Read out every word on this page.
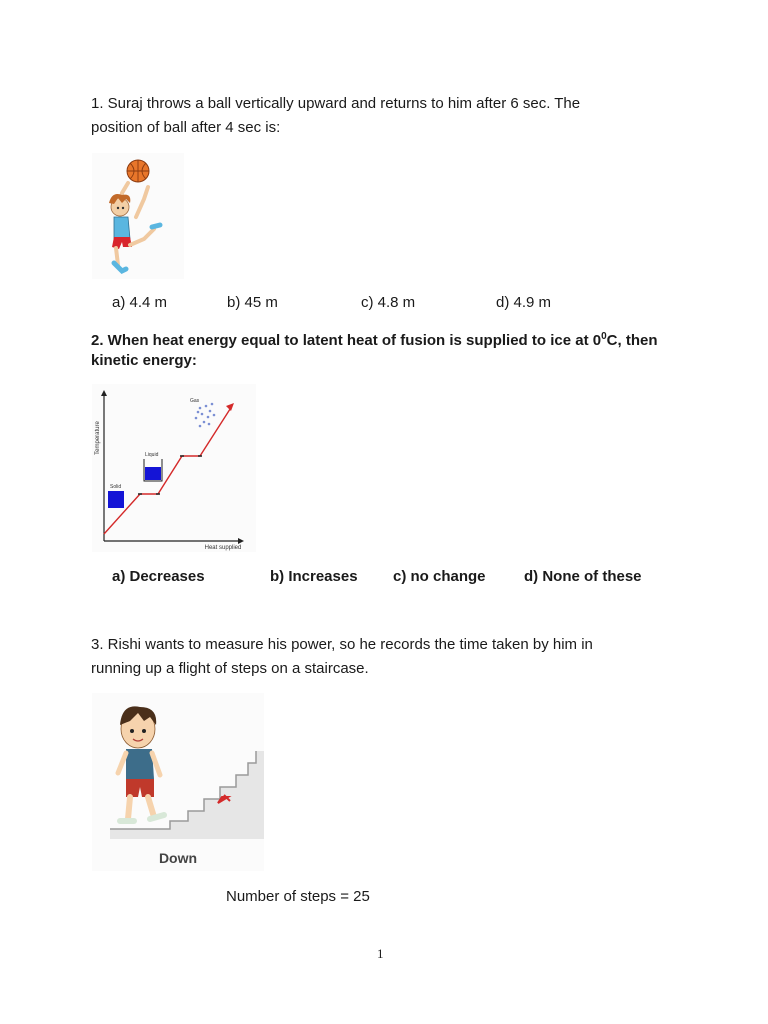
1. Suraj throws a ball vertically upward and returns to him after 6 sec. The
position of ball after 4 sec is:
a) 4.4 m	b) 45 m	c) 4.8 m	d) 4.9 m
2. When heat energy equal to latent heat of fusion is supplied to ice at $0^0C$, then
kinetic energy:
Temperature
Heat supplied
Solid
Liquid
Gas
a) Decreases	b) Increases c) no change	d) None of these
3. Rishi wants to measure his power, so he records the time taken by him in
running up a flight of steps on a staircase.
Down
Number of steps = 25
1
